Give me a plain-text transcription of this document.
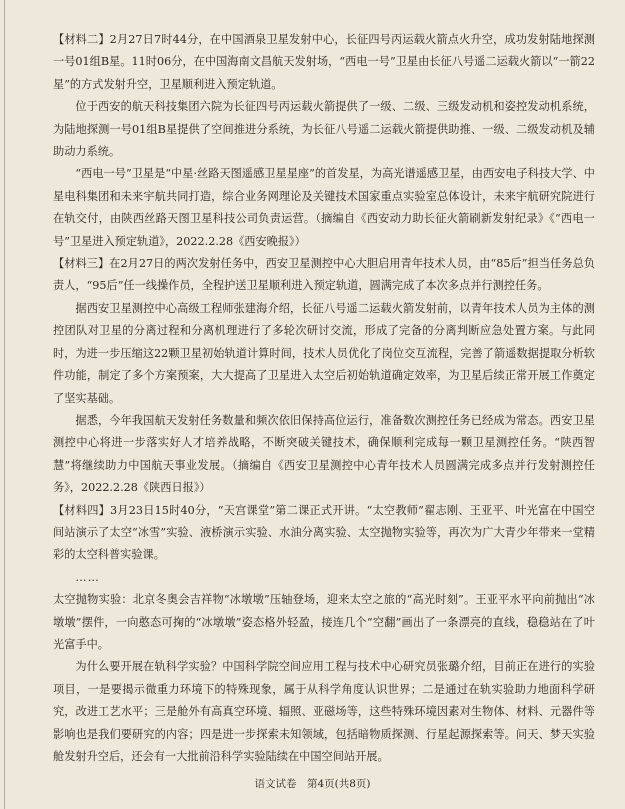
【材料二】2月27日7时44分，在中国酒泉卫星发射中心，长征四号丙运载火箭点火升空，成功发射陆地探测一号01组B星。11时06分，在中国海南文昌航天发射场，“西电一号”卫星由长征八号遥二运载火箭以“一箭22星”的方式发射升空，卫星顺利进入预定轨道。

位于西安的航天科技集团六院为长征四号丙运载火箭提供了一级、二级、三级发动机和姿控发动机系统，为陆地探测一号01组B星提供了空间推进分系统，为长征八号遥二运载火箭提供助推、一级、二级发动机及辅助动力系统。

“西电一号”卫星是“中星·丝路天图遥感卫星星座”的首发星，为高光谱遥感卫星，由西安电子科技大学、中星电科集团和未来宇航共同打造，综合业务网理论及关键技术国家重点实验室总体设计，未来宇航研究院进行在轨交付，由陕西丝路天图卫星科技公司负责运营。（摘编自《西安动力助长征火箭刷新发射纪录》《“西电一号”卫星进入预定轨道》，2022.2.28《西安晚报》）

【材料三】在2月27日的两次发射任务中，西安卫星测控中心大胆启用青年技术人员，由“85后”担当任务总负责人，“95后”任一线操作员，全程护送卫星顺利进入预定轨道，圆满完成了本次多点并行测控任务。

据西安卫星测控中心高级工程师张建海介绍，长征八号遥二运载火箭发射前，以青年技术人员为主体的测控团队对卫星的分离过程和分离机理进行了多轮次研讨交流，形成了完备的分离判断应急处置方案。与此同时，为进一步压缩这22颗卫星初始轨道计算时间，技术人员优化了岗位交互流程，完善了箭遥数据提取分析软件功能，制定了多个方案预案，大大提高了卫星进入太空后初始轨道确定效率，为卫星后续正常开展工作奠定了坚实基础。

据悉，今年我国航天发射任务数量和频次依旧保持高位运行，准备数次测控任务已经成为常态。西安卫星测控中心将进一步落实好人才培养战略，不断突破关键技术，确保顺利完成每一颗卫星测控任务。“陕西智慧”将继续助力中国航天事业发展。（摘编自《西安卫星测控中心青年技术人员圆满完成多点并行发射测控任务》，2022.2.28《陕西日报》）

【材料四】3月23日15时40分，“天宫课堂”第二课正式开讲。“太空教师”翟志刚、王亚平、叶光富在中国空间站演示了太空“冰雪”实验、液桥演示实验、水油分离实验、太空抛物实验等，再次为广大青少年带来一堂精彩的太空科普实验课。

……

太空抛物实验：北京冬奥会吉祥物“冰墩墩”压轴登场，迎来太空之旅的“高光时刻”。王亚平水平向前抛出“冰墩墩”摆件，一向憨态可掬的“冰墩墩”姿态格外轻盈，接连几个“空翻”画出了一条漂亮的直线，稳稳站在了叶光富手中。

为什么要开展在轨科学实验？中国科学院空间应用工程与技术中心研究员张璐介绍，目前正在进行的实验项目，一是要揭示微重力环境下的特殊现象，属于从科学角度认识世界；二是通过在轨实验助力地面科学研究，改进工艺水平；三是舱外有高真空环境、辐照、亚磁场等，这些特殊环境因素对生物体、材料、元器件等影响也是我们要研究的内容；四是进一步探索未知领域，包括暗物质探测、行星起源探索等。问天、梦天实验舱发射升空后，还会有一大批前沿科学实验陆续在中国空间站开展。

语文试卷　第4页(共8页)
